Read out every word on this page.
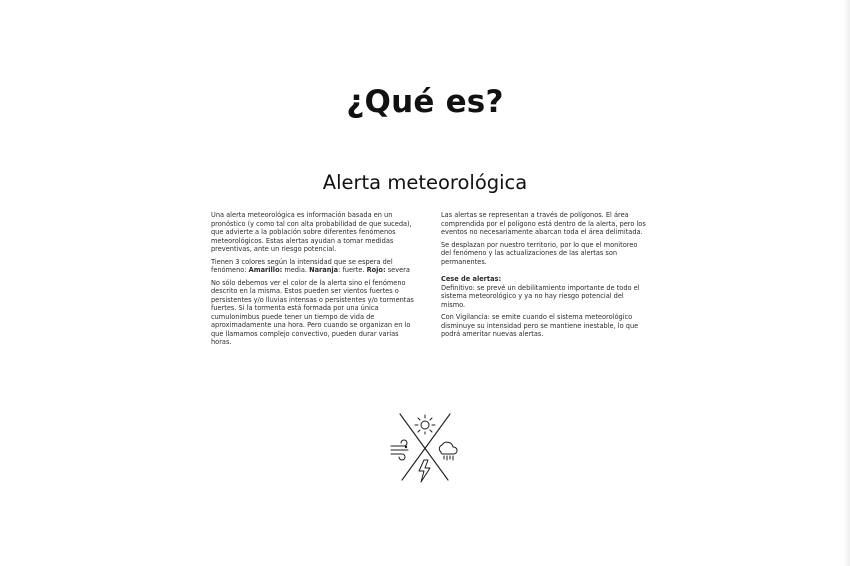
¿Qué es?
Alerta meteorológica

Una alerta meteorológica es información basada en un pronóstico (y como tal con alta probabilidad de que suceda), que advierte a la población sobre diferentes fenómenos meteorológicos. Estas alertas ayudan a tomar medidas preventivas, ante un riesgo potencial.

Tienen 3 colores según la intensidad que se espera del fenómeno: Amarillo: media. Naranja: fuerte. Rojo: severa

No sólo debemos ver el color de la alerta sino el fenómeno descrito en la misma. Estos pueden ser vientos fuertes o persistentes y/o lluvias intensas o persistentes y/o tormentas fuertes. Si la tormenta está formada por una única cumulonimbus puede tener un tiempo de vida de aproximadamente una hora. Pero cuando se organizan en lo que llamamos complejo convectivo, pueden durar varias horas.

Las alertas se representan a través de polígonos. El área comprendida por el polígono está dentro de la alerta, pero los eventos no necesariamente abarcan toda el área delimitada.

Se desplazan por nuestro territorio, por lo que el monitoreo del fenómeno y las actualizaciones de las alertas son permanentes.

Cese de alertas:
Definitivo: se prevé un debilitamiento importante de todo el sistema meteorológico y ya no hay riesgo potencial del mismo.

Con Vigilancia: se emite cuando el sistema meteorológico disminuye su intensidad pero se mantiene inestable, lo que podrá ameritar nuevas alertas.
